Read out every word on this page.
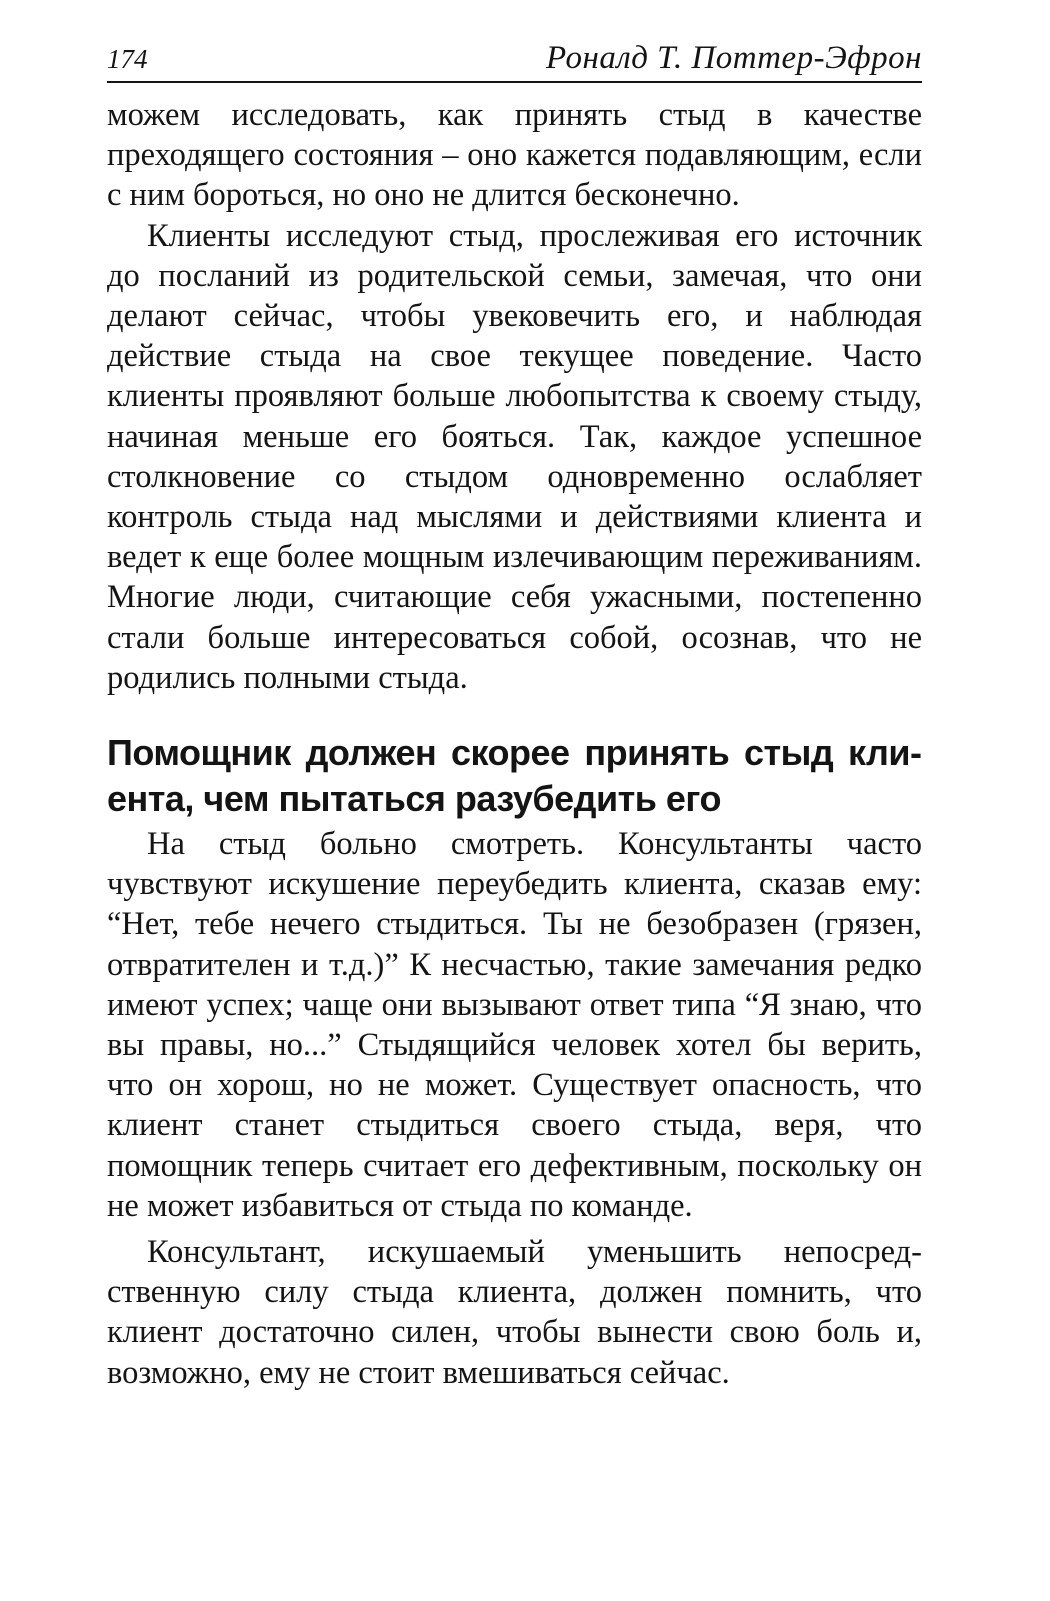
174	Роналд Т. Поттер-Эфрон

можем исследовать, как принять стыд в качестве преходящего состояния – оно кажется подавляющим, если с ним бороться, но оно не длится бесконечно.

Клиенты исследуют стыд, прослеживая его источник до посланий из родительской семьи, замечая, что они делают сейчас, чтобы увековечить его, и наблюдая действие стыда на свое текущее поведение. Часто клиенты проявляют больше любопытства к своему стыду, начиная меньше его бояться. Так, каждое успешное столкновение со стыдом одновременно ослабляет контроль стыда над мыслями и действиями клиента и ведет к еще более мощным излечивающим переживаниям. Многие люди, считающие себя ужасными, постепенно стали больше интересоваться собой, осознав, что не родились полными стыда.

Помощник должен скорее принять стыд клиента, чем пытаться разубедить его

На стыд больно смотреть. Консультанты часто чувствуют искушение переубедить клиента, сказав ему: “Нет, тебе нечего стыдиться. Ты не безобразен (грязен, отвратителен и т.д.)” К несчастью, такие замечания редко имеют успех; чаще они вызывают ответ типа “Я знаю, что вы правы, но...” Стыдящийся человек хотел бы верить, что он хорош, но не может. Существует опасность, что клиент станет стыдиться своего стыда, веря, что помощник теперь считает его дефективным, поскольку он не может избавиться от стыда по команде.

Консультант, искушаемый уменьшить непосредственную силу стыда клиента, должен помнить, что клиент достаточно силен, чтобы вынести свою боль и, возможно, ему не стоит вмешиваться сейчас.
